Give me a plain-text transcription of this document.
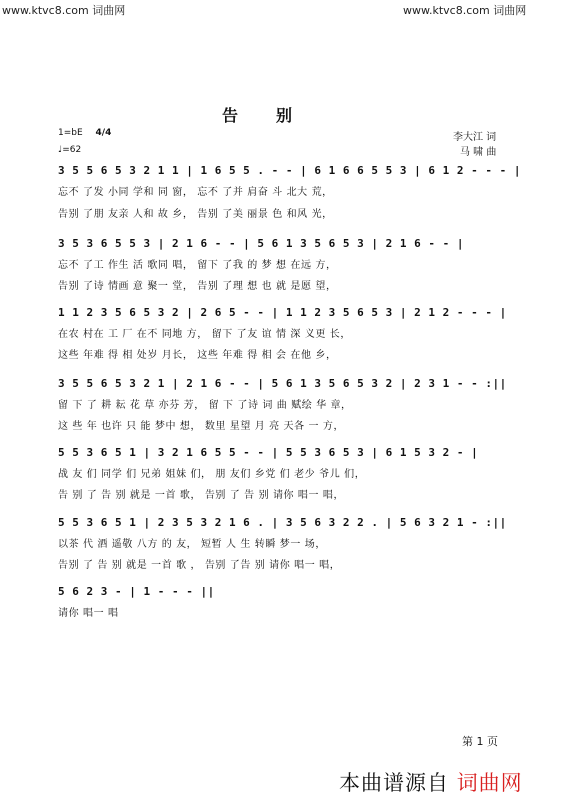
www.ktvc8.com 词曲网	www.ktvc8.com 词曲网
告别
李大江 词
马 啸 曲
1=bE 4/4
♩=62
3 5 5 6 5 3 2 1 1 | 1 6 5 5 . - - | 6 1 6 6 5 5 3 | 6 1 2 - - - |
忘不 了发 小同 学和 同 窗， 忘不 了并 肩奋 斗 北大 荒，
告别 了朋 友亲 人和 故 乡， 告别 了美 丽景 色 和风 光，
3 5 3 6 5 5 3 | 2 1 6 - - | 5 6 1 3 5 6 5 3 | 2 1 6 - - |
忘不 了工 作生 活 歌同 唱， 留下 了我 的 梦 想 在远 方，
告别 了诗 情画 意 聚一 堂， 告别 了理 想 也 就 是愿 望，
1 1 2 3 5 6 5 3 2 | 2 6 5 - - | 1 1 2 3 5 6 5 3 | 2 1 2 - - - |
在农 村在 工 厂 在不 同地 方， 留下 了友 谊 情 深 义更 长，
这些 年难 得 相 处岁 月长， 这些 年难 得 相 会 在他 乡，
3 5 5 6 5 3 2 1 | 2 1 6 - - | 5 6 1 3 5 6 5 3 2 | 2 3 1 - - :||
留 下 了 耕 耘 花 草 亦芬 芳， 留 下 了诗 词 曲 赋绘 华 章，
这 些 年 也许 只 能 梦中 想， 数里 星望 月 亮 天各 一 方，
5 5 3 6 5 1 | 3 2 1 6 5 5 - - | 5 5 3 6 5 3 | 6 1 5 3 2 - |
战 友 们 同学 们 兄弟 姐妹 们， 朋 友们 乡党 们 老少 爷儿 们，
告 别 了 告 别 就是 一首 歌， 告别 了 告 别 请你 唱一 唱，
5 5 3 6 5 1 | 2 3 5 3 2 1 6 . | 3 5 6 3 2 2 . | 5 6 3 2 1 - :||
以茶 代 酒 遥敬 八方 的 友， 短暂 人 生 转瞬 梦一 场，
告别 了 告 别 就是 一首 歌 ， 告别 了告 别 请你 唱一 唱，
5 6 2 3 - | 1 - - - ||
请你 唱一 唱
第 1 页
本曲谱源自 词曲网
